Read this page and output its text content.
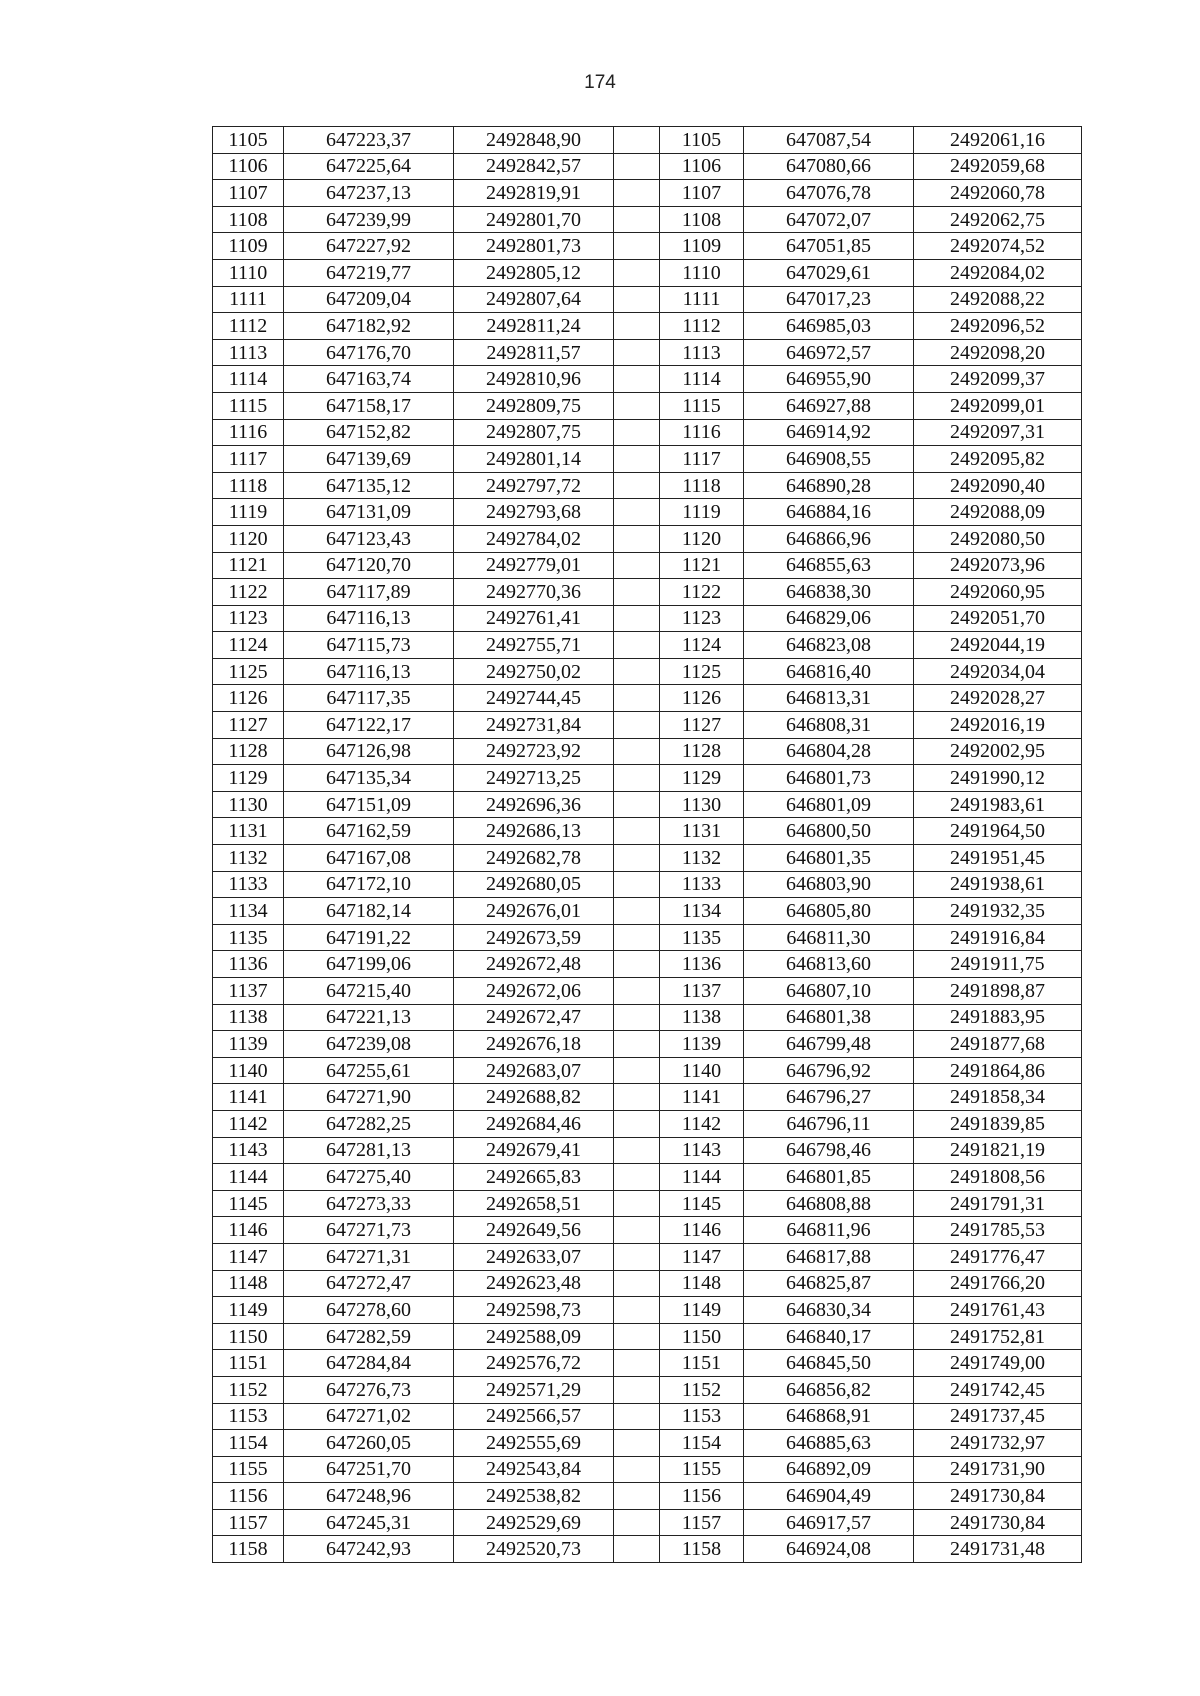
174
1105	647223,37	2492848,90		1105	647087,54	2492061,16
1106	647225,64	2492842,57		1106	647080,66	2492059,68
1107	647237,13	2492819,91		1107	647076,78	2492060,78
1108	647239,99	2492801,70		1108	647072,07	2492062,75
1109	647227,92	2492801,73		1109	647051,85	2492074,52
1110	647219,77	2492805,12		1110	647029,61	2492084,02
1111	647209,04	2492807,64		1111	647017,23	2492088,22
1112	647182,92	2492811,24		1112	646985,03	2492096,52
1113	647176,70	2492811,57		1113	646972,57	2492098,20
1114	647163,74	2492810,96		1114	646955,90	2492099,37
1115	647158,17	2492809,75		1115	646927,88	2492099,01
1116	647152,82	2492807,75		1116	646914,92	2492097,31
1117	647139,69	2492801,14		1117	646908,55	2492095,82
1118	647135,12	2492797,72		1118	646890,28	2492090,40
1119	647131,09	2492793,68		1119	646884,16	2492088,09
1120	647123,43	2492784,02		1120	646866,96	2492080,50
1121	647120,70	2492779,01		1121	646855,63	2492073,96
1122	647117,89	2492770,36		1122	646838,30	2492060,95
1123	647116,13	2492761,41		1123	646829,06	2492051,70
1124	647115,73	2492755,71		1124	646823,08	2492044,19
1125	647116,13	2492750,02		1125	646816,40	2492034,04
1126	647117,35	2492744,45		1126	646813,31	2492028,27
1127	647122,17	2492731,84		1127	646808,31	2492016,19
1128	647126,98	2492723,92		1128	646804,28	2492002,95
1129	647135,34	2492713,25		1129	646801,73	2491990,12
1130	647151,09	2492696,36		1130	646801,09	2491983,61
1131	647162,59	2492686,13		1131	646800,50	2491964,50
1132	647167,08	2492682,78		1132	646801,35	2491951,45
1133	647172,10	2492680,05		1133	646803,90	2491938,61
1134	647182,14	2492676,01		1134	646805,80	2491932,35
1135	647191,22	2492673,59		1135	646811,30	2491916,84
1136	647199,06	2492672,48		1136	646813,60	2491911,75
1137	647215,40	2492672,06		1137	646807,10	2491898,87
1138	647221,13	2492672,47		1138	646801,38	2491883,95
1139	647239,08	2492676,18		1139	646799,48	2491877,68
1140	647255,61	2492683,07		1140	646796,92	2491864,86
1141	647271,90	2492688,82		1141	646796,27	2491858,34
1142	647282,25	2492684,46		1142	646796,11	2491839,85
1143	647281,13	2492679,41		1143	646798,46	2491821,19
1144	647275,40	2492665,83		1144	646801,85	2491808,56
1145	647273,33	2492658,51		1145	646808,88	2491791,31
1146	647271,73	2492649,56		1146	646811,96	2491785,53
1147	647271,31	2492633,07		1147	646817,88	2491776,47
1148	647272,47	2492623,48		1148	646825,87	2491766,20
1149	647278,60	2492598,73		1149	646830,34	2491761,43
1150	647282,59	2492588,09		1150	646840,17	2491752,81
1151	647284,84	2492576,72		1151	646845,50	2491749,00
1152	647276,73	2492571,29		1152	646856,82	2491742,45
1153	647271,02	2492566,57		1153	646868,91	2491737,45
1154	647260,05	2492555,69		1154	646885,63	2491732,97
1155	647251,70	2492543,84		1155	646892,09	2491731,90
1156	647248,96	2492538,82		1156	646904,49	2491730,84
1157	647245,31	2492529,69		1157	646917,57	2491730,84
1158	647242,93	2492520,73		1158	646924,08	2491731,48
